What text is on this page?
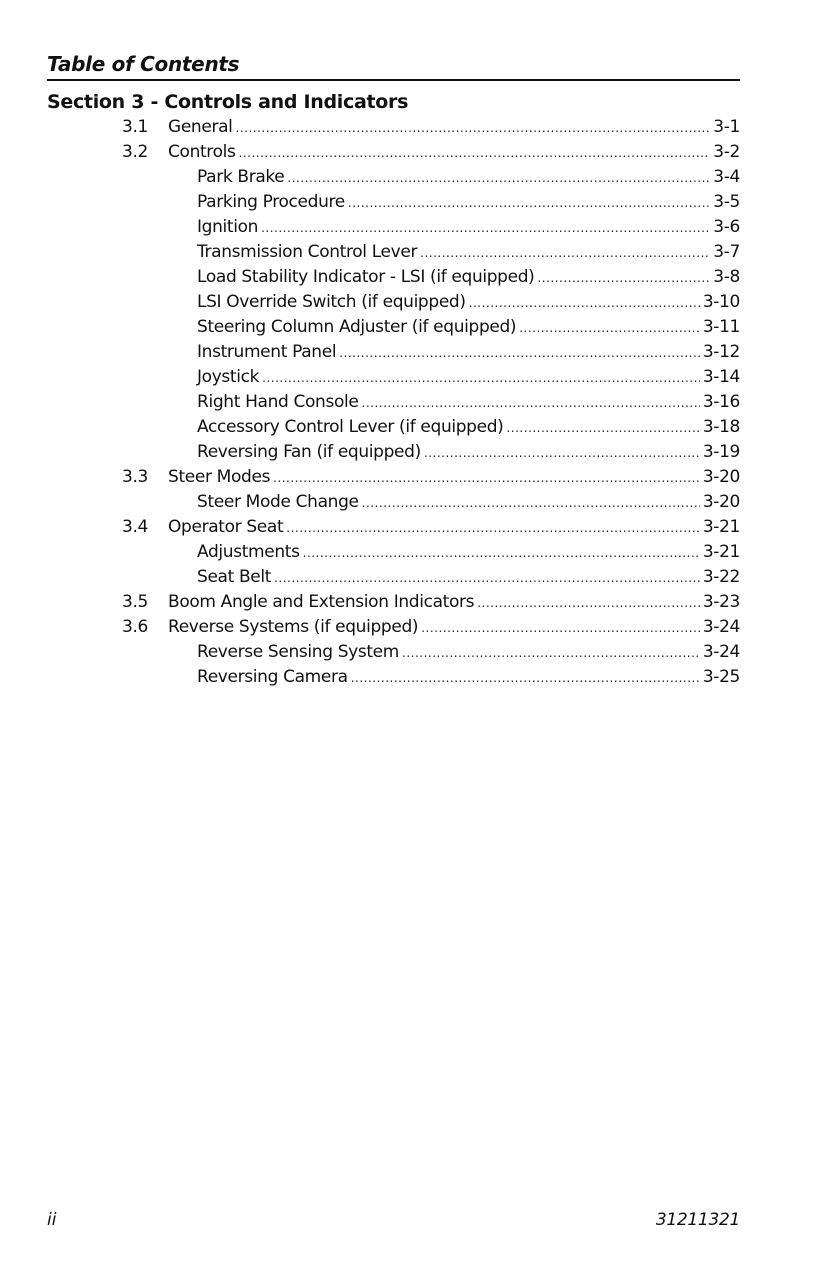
Table of Contents
Section 3 - Controls and Indicators
3.1 General .....	3-1
3.2 Controls .....	3-2
Park Brake .....	3-4
Parking Procedure .....	3-5
Ignition .....	3-6
Transmission Control Lever .....	3-7
Load Stability Indicator - LSI (if equipped) .....	3-8
LSI Override Switch (if equipped) .....	3-10
Steering Column Adjuster (if equipped) .....	3-11
Instrument Panel .....	3-12
Joystick .....	3-14
Right Hand Console .....	3-16
Accessory Control Lever (if equipped) .....	3-18
Reversing Fan (if equipped) .....	3-19
3.3 Steer Modes .....	3-20
Steer Mode Change .....	3-20
3.4 Operator Seat .....	3-21
Adjustments .....	3-21
Seat Belt .....	3-22
3.5 Boom Angle and Extension Indicators .....	3-23
3.6 Reverse Systems (if equipped) .....	3-24
Reverse Sensing System .....	3-24
Reversing Camera .....	3-25
ii	31211321
